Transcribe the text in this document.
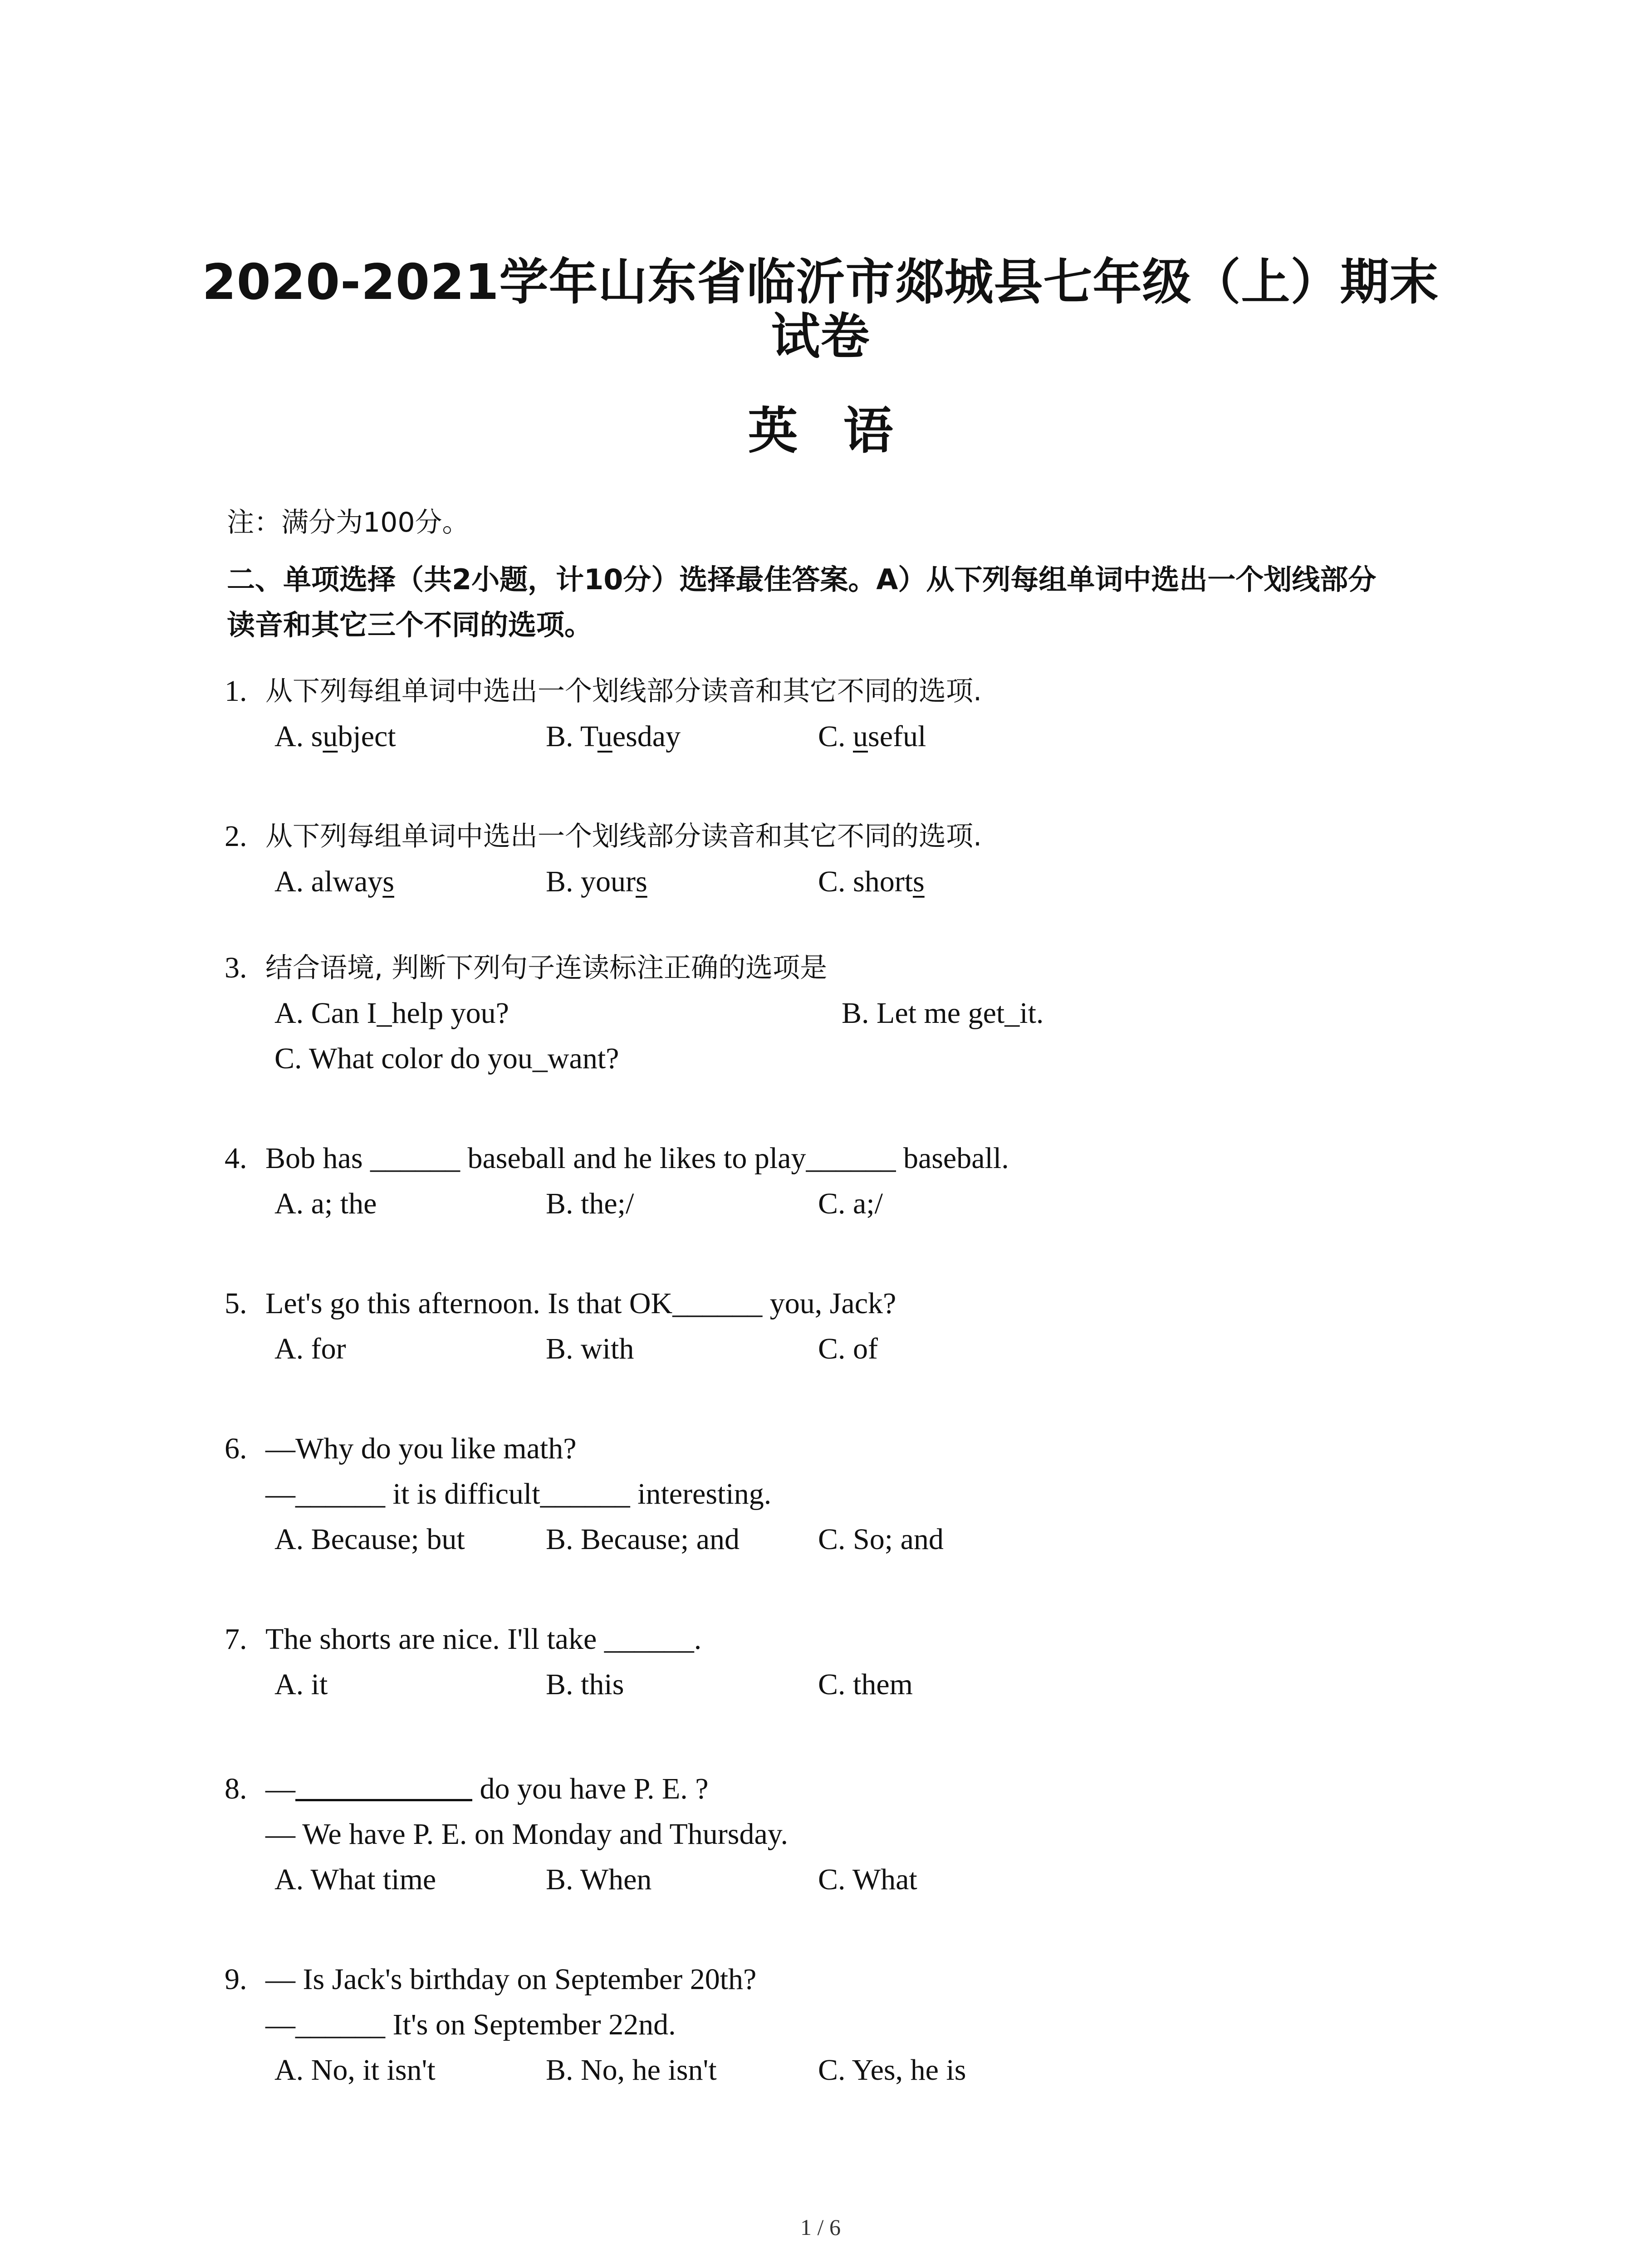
2020-2021学年山东省临沂市郯城县七年级（上）期末
试卷
英 语
注：满分为100分。
二、单项选择（共2小题，计10分）选择最佳答案。A）从下列每组单词中选出一个划线部分
读音和其它三个不同的选项。
1. 从下列每组单词中选出一个划线部分读音和其它不同的选项.
A. subject	B. Tuesday	C. useful
2. 从下列每组单词中选出一个划线部分读音和其它不同的选项.
A. always	B. yours	C. shorts
3. 结合语境, 判断下列句子连读标注正确的选项是
A. Can I_help you?	B. Let me get_it.
C. What color do you_want?
4. Bob has ______ baseball and he likes to play______ baseball.
A. a; the	B. the;/	C. a;/
5. Let's go this afternoon. Is that OK______ you, Jack?
A. for	B. with	C. of
6. —Why do you like math?
—______ it is difficult______ interesting.
A. Because; but	B. Because; and	C. So; and
7. The shorts are nice. I'll take ______.
A. it	B. this	C. them
8. —	do you have P. E. ?
— We have P. E. on Monday and Thursday.
A. What time	B. When	C. What
9. — Is Jack's birthday on September 20th?
—______ It's on September 22nd.
A. No, it isn't	B. No, he isn't	C. Yes, he is
1 / 6
